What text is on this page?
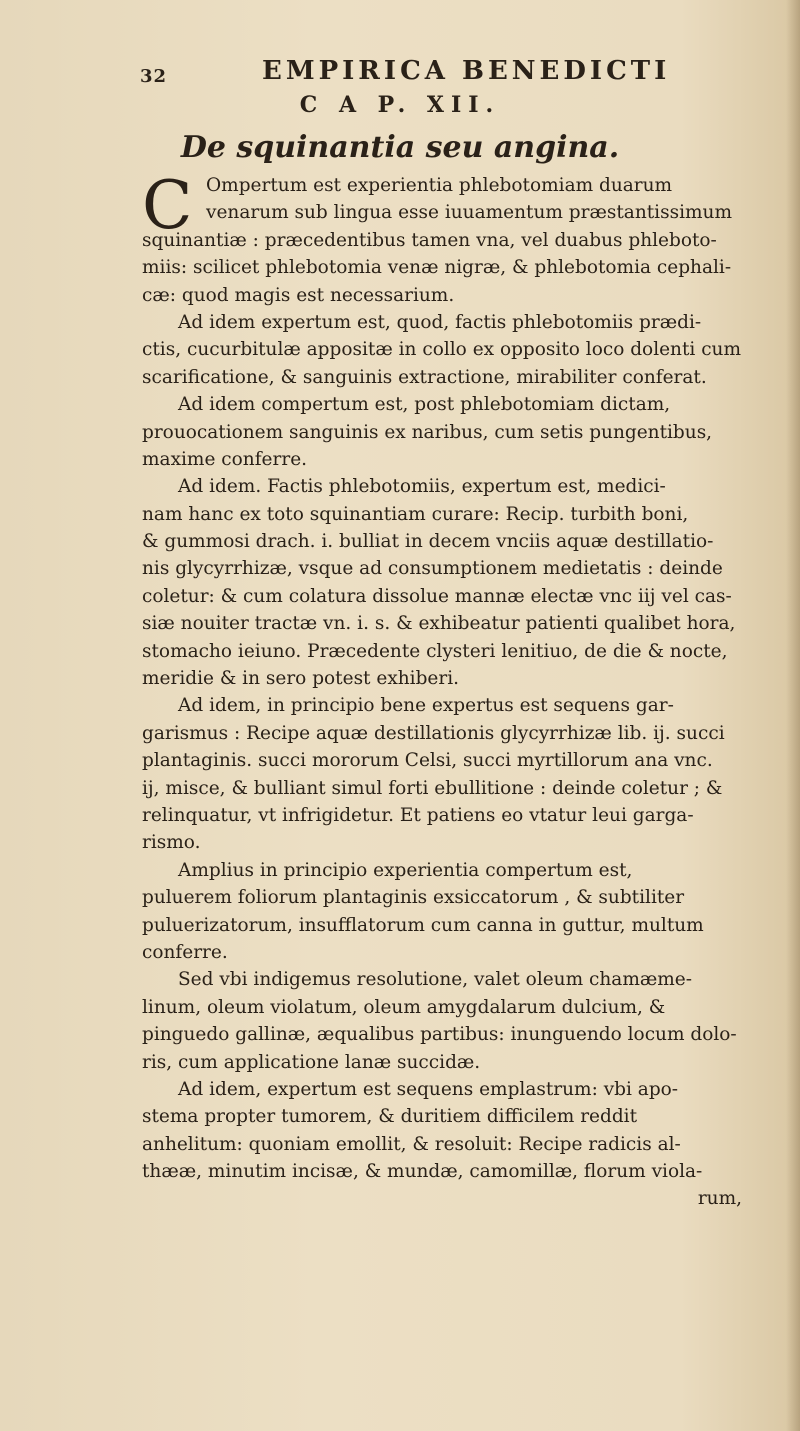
32	EMPIRICA BENEDICTI
C A P. XII.
De squinantia seu angina.
C Ompertum est experientia phlebotomiam duarum
venarum sub lingua esse iuuamentum præstantissimum
squinantiæ : præcedentibus tamen vna, vel duabus phleboto-
miis: scilicet phlebotomia venæ nigræ, & phlebotomia cephali-
cæ: quod magis est necessarium.
Ad idem expertum est, quod, factis phlebotomiis prædi-
ctis, cucurbitulæ appositæ in collo ex opposito loco dolenti cum
scarificatione, & sanguinis extractione, mirabiliter conferat.
Ad idem compertum est, post phlebotomiam dictam,
prouocationem sanguinis ex naribus, cum setis pungentibus,
maxime conferre.
Ad idem. Factis phlebotomiis, expertum est, medici-
nam hanc ex toto squinantiam curare: Recip. turbith boni,
& gummosi drach. i. bulliat in decem vnciis aquæ destillatio-
nis glycyrrhizæ, vsque ad consumptionem medietatis : deinde
coletur: & cum colatura dissolue mannæ electæ vnc iij vel cas-
siæ nouiter tractæ vn. i. s. & exhibeatur patienti qualibet hora,
stomacho ieiuno. Præcedente clysteri lenitiuo, de die & nocte,
meridie & in sero potest exhiberi.
Ad idem, in principio bene expertus est sequens gar-
garismus : Recipe aquæ destillationis glycyrrhizæ lib. ij. succi
plantaginis. succi mororum Celsi, succi myrtillorum ana vnc.
ij, misce, & bulliant simul forti ebullitione : deinde coletur ; &
relinquatur, vt infrigidetur. Et patiens eo vtatur leui garga-
rismo.
Amplius in principio experientia compertum est,
puluerem foliorum plantaginis exsiccatorum , & subtiliter
puluerizatorum, insufflatorum cum canna in guttur, multum
conferre.
Sed vbi indigemus resolutione, valet oleum chamæme-
linum, oleum violatum, oleum amygdalarum dulcium, &
pinguedo gallinæ, æqualibus partibus: inunguendo locum dolo-
ris, cum applicatione lanæ succidæ.
Ad idem, expertum est sequens emplastrum: vbi apo-
stema propter tumorem, & duritiem difficilem reddit
anhelitum: quoniam emollit, & resoluit: Recipe radicis al-
thææ, minutim incisæ, & mundæ, camomillæ, florum viola-
rum,
